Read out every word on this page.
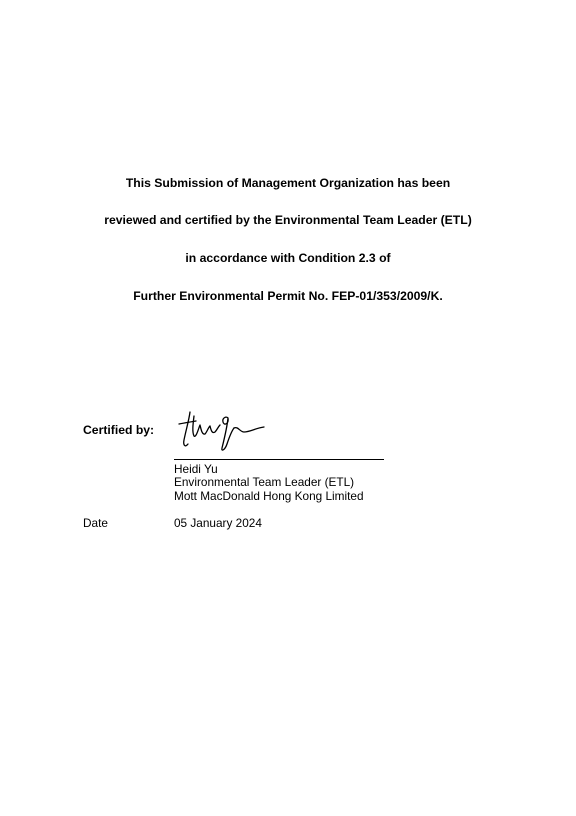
This Submission of Management Organization has been
reviewed and certified by the Environmental Team Leader (ETL)
in accordance with Condition 2.3 of
Further Environmental Permit No. FEP-01/353/2009/K.
Certified by:
Heidi Yu
Environmental Team Leader (ETL)
Mott MacDonald Hong Kong Limited
Date	05 January 2024
